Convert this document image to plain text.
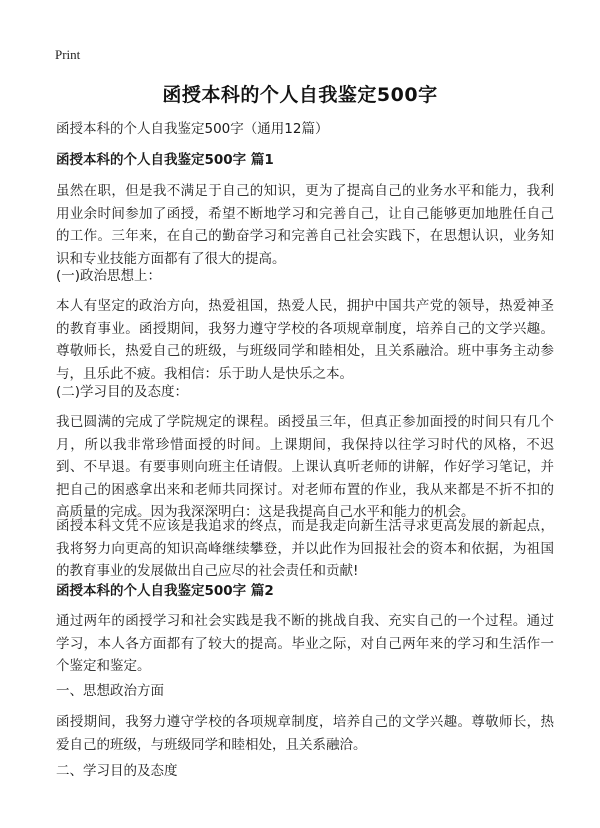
Print
函授本科的个人自我鉴定500字
函授本科的个人自我鉴定500字（通用12篇）
函授本科的个人自我鉴定500字 篇1
虽然在职，但是我不满足于自己的知识，更为了提高自己的业务水平和能力，我利用业余时间参加了函授，希望不断地学习和完善自己，让自己能够更加地胜任自己的工作。三年来，在自己的勤奋学习和完善自己社会实践下，在思想认识，业务知识和专业技能方面都有了很大的提高。
(一)政治思想上：
本人有坚定的政治方向，热爱祖国，热爱人民，拥护中国共产党的领导，热爱神圣的教育事业。函授期间，我努力遵守学校的各项规章制度，培养自己的文学兴趣。尊敬师长，热爱自己的班级，与班级同学和睦相处，且关系融洽。班中事务主动参与，且乐此不疲。我相信：乐于助人是快乐之本。
(二)学习目的及态度：
我已圆满的完成了学院规定的课程。函授虽三年，但真正参加面授的时间只有几个月，所以我非常珍惜面授的时间。上课期间，我保持以往学习时代的风格，不迟到、不早退。有要事则向班主任请假。上课认真听老师的讲解，作好学习笔记，并把自己的困惑拿出来和老师共同探讨。对老师布置的作业，我从来都是不折不扣的高质量的完成。因为我深深明白：这是我提高自己水平和能力的机会。
函授本科文凭不应该是我追求的终点，而是我走向新生活寻求更高发展的新起点，我将努力向更高的知识高峰继续攀登，并以此作为回报社会的资本和依据，为祖国的教育事业的发展做出自己应尽的社会责任和贡献!
函授本科的个人自我鉴定500字 篇2
通过两年的函授学习和社会实践是我不断的挑战自我、充实自己的一个过程。通过学习，本人各方面都有了较大的提高。毕业之际，对自己两年来的学习和生活作一个鉴定和鉴定。
一、思想政治方面
函授期间，我努力遵守学校的各项规章制度，培养自己的文学兴趣。尊敬师长，热爱自己的班级，与班级同学和睦相处，且关系融洽。
二、学习目的及态度
